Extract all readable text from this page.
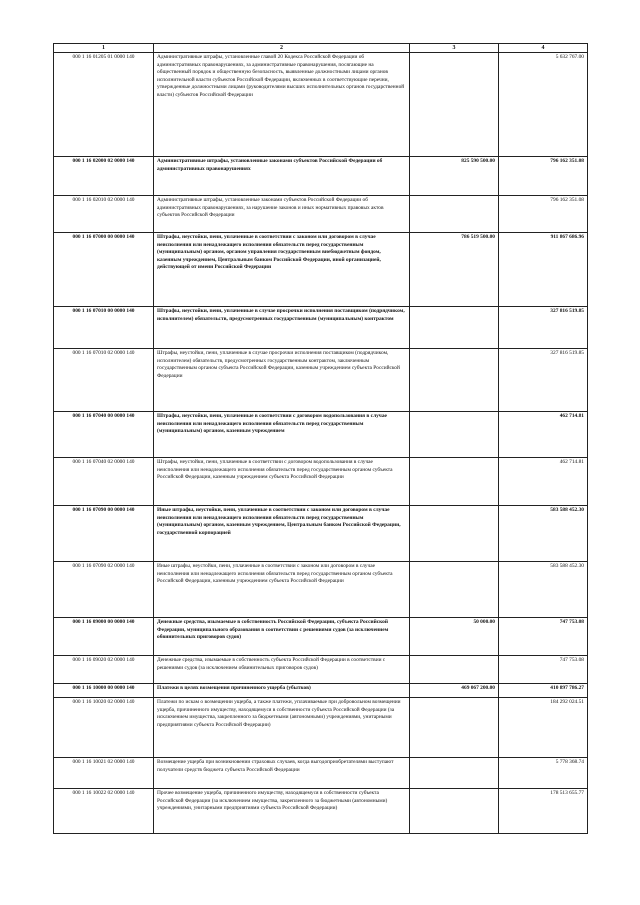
1	2	3	4
000 1 16 01205 01 0000 140	Административные штрафы, установленные главой 20 Кодекса Российской Федерации об административных правонарушениях, за административные правонарушения, посягающие на общественный порядок и общественную безопасность, выявленные должностными лицами органов исполнительной власти субъектов Российской Федерации, включенных в соответствующие перечни, утвержденные должностными лицами (руководителями высших исполнительных органов государственной власти) субъектов Российской Федерации		5 632 767.00
000 1 16 02000 02 0000 140	Административные штрафы, установленные законами субъектов Российской Федерации об административных правонарушениях	825 590 500.00	796 162 351.08
000 1 16 02010 02 0000 140	Административные штрафы, установленные законами субъектов Российской Федерации об административных правонарушениях, за нарушение законов и иных нормативных правовых актов субъектов Российской Федерации		796 162 351.08
000 1 16 07000 00 0000 140	Штрафы, неустойки, пени, уплаченные в соответствии с законом или договором в случае неисполнения или ненадлежащего исполнения обязательств перед государственным (муниципальным) органом, органом управления государственным внебюджетным фондом, казенным учреждением, Центральным банком Российской Федерации, иной организацией, действующей от имени Российской Федерации	786 519 500.00	911 867 686.96
000 1 16 07010 00 0000 140	Штрафы, неустойки, пени, уплаченные в случае просрочки исполнения поставщиком (подрядчиком, исполнителем) обязательств, предусмотренных государственным (муниципальным) контрактом		327 816 519.85
000 1 16 07010 02 0000 140	Штрафы, неустойки, пени, уплаченные в случае просрочки исполнения поставщиком (подрядчиком, исполнителем) обязательств, предусмотренных государственным контрактом, заключенным государственным органом субъекта Российской Федерации, казенным учреждением субъекта Российской Федерации		327 816 519.85
000 1 16 07040 00 0000 140	Штрафы, неустойки, пени, уплаченные в соответствии с договором водопользования в случае неисполнения или ненадлежащего исполнения обязательств перед государственным (муниципальным) органом, казенным учреждением		462 714.81
000 1 16 07040 02 0000 140	Штрафы, неустойки, пени, уплаченные в соответствии с договором водопользования в случае неисполнения или ненадлежащего исполнения обязательств перед государственным органом субъекта Российской Федерации, казенным учреждением субъекта Российской Федерации		462 714.81
000 1 16 07090 00 0000 140	Иные штрафы, неустойки, пени, уплаченные в соответствии с законом или договором в случае неисполнения или ненадлежащего исполнения обязательств перед государственным (муниципальным) органом, казенным учреждением, Центральным банком Российской Федерации, государственной корпорацией		583 588 452.30
000 1 16 07090 02 0000 140	Иные штрафы, неустойки, пени, уплаченные в соответствии с законом или договором в случае неисполнения или ненадлежащего исполнения обязательств перед государственным органом субъекта Российской Федерации, казенным учреждением субъекта Российской Федерации		583 588 452.30
000 1 16 09000 00 0000 140	Денежные средства, изымаемые в собственность Российской Федерации, субъекта Российской Федерации, муниципального образования в соответствии с решениями судов (за исключением обвинительных приговоров судов)	50 000.00	747 753.08
000 1 16 09020 02 0000 140	Денежные средства, изымаемые в собственность субъекта Российской Федерации в соответствии с решениями судов (за исключением обвинительных приговоров судов)		747 753.08
000 1 16 10000 00 0000 140	Платежи в целях возмещения причиненного ущерба (убытков)	469 067 200.00	410 897 786.27
000 1 16 10020 02 0000 140	Платежи по искам о возмещении ущерба, а также платежи, уплачиваемые при добровольном возмещении ущерба, причиненного имуществу, находящемуся в собственности субъекта Российской Федерации (за исключением имущества, закрепленного за бюджетными (автономными) учреждениями, унитарными предприятиями субъекта Российской Федерации)		184 292 024.51
000 1 16 10021 02 0000 140	Возмещение ущерба при возникновении страховых случаев, когда выгодоприобретателями выступают получатели средств бюджета субъекта Российской Федерации		5 778 368.74
000 1 16 10022 02 0000 140	Прочее возмещение ущерба, причиненного имуществу, находящемуся в собственности субъекта Российской Федерации (за исключением имущества, закрепленного за бюджетными (автономными) учреждениями, унитарными предприятиями субъекта Российской Федерации)		178 513 655.77
